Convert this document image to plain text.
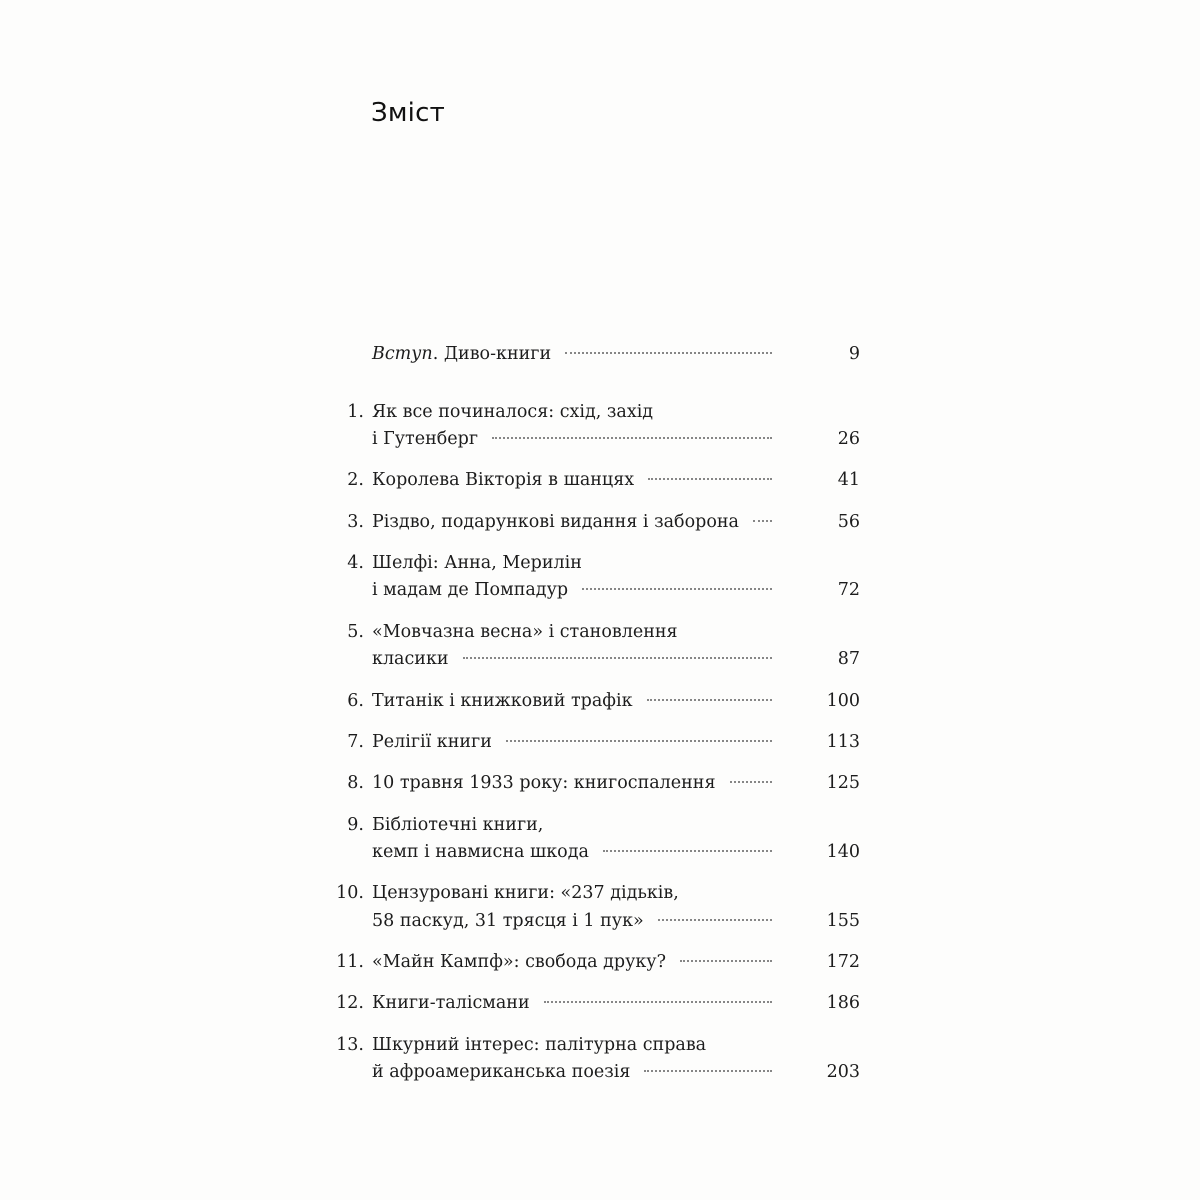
Зміст
Вступ. Диво-книги	9
1. Як все починалося: схід, захід
і Гутенберг	26
2. Королева Вікторія в шанцях	41
3. Різдво, подарункові видання і заборона	56
4. Шелфі: Анна, Мерилін
і мадам де Помпадур	72
5. «Мовчазна весна» і становлення
класики	87
6. Титанік і книжковий трафік	100
7. Релігії книги	113
8. 10 травня 1933 року: книгоспалення	125
9. Бібліотечні книги,
кемп і навмисна шкода	140
10. Цензуровані книги: «237 дідьків,
58 паскуд, 31 трясця і 1 пук»	155
11. «Майн Кампф»: свобода друку?	172
12. Книги-талісмани	186
13. Шкурний інтерес: палітурна справа
й афроамериканська поезія	203
